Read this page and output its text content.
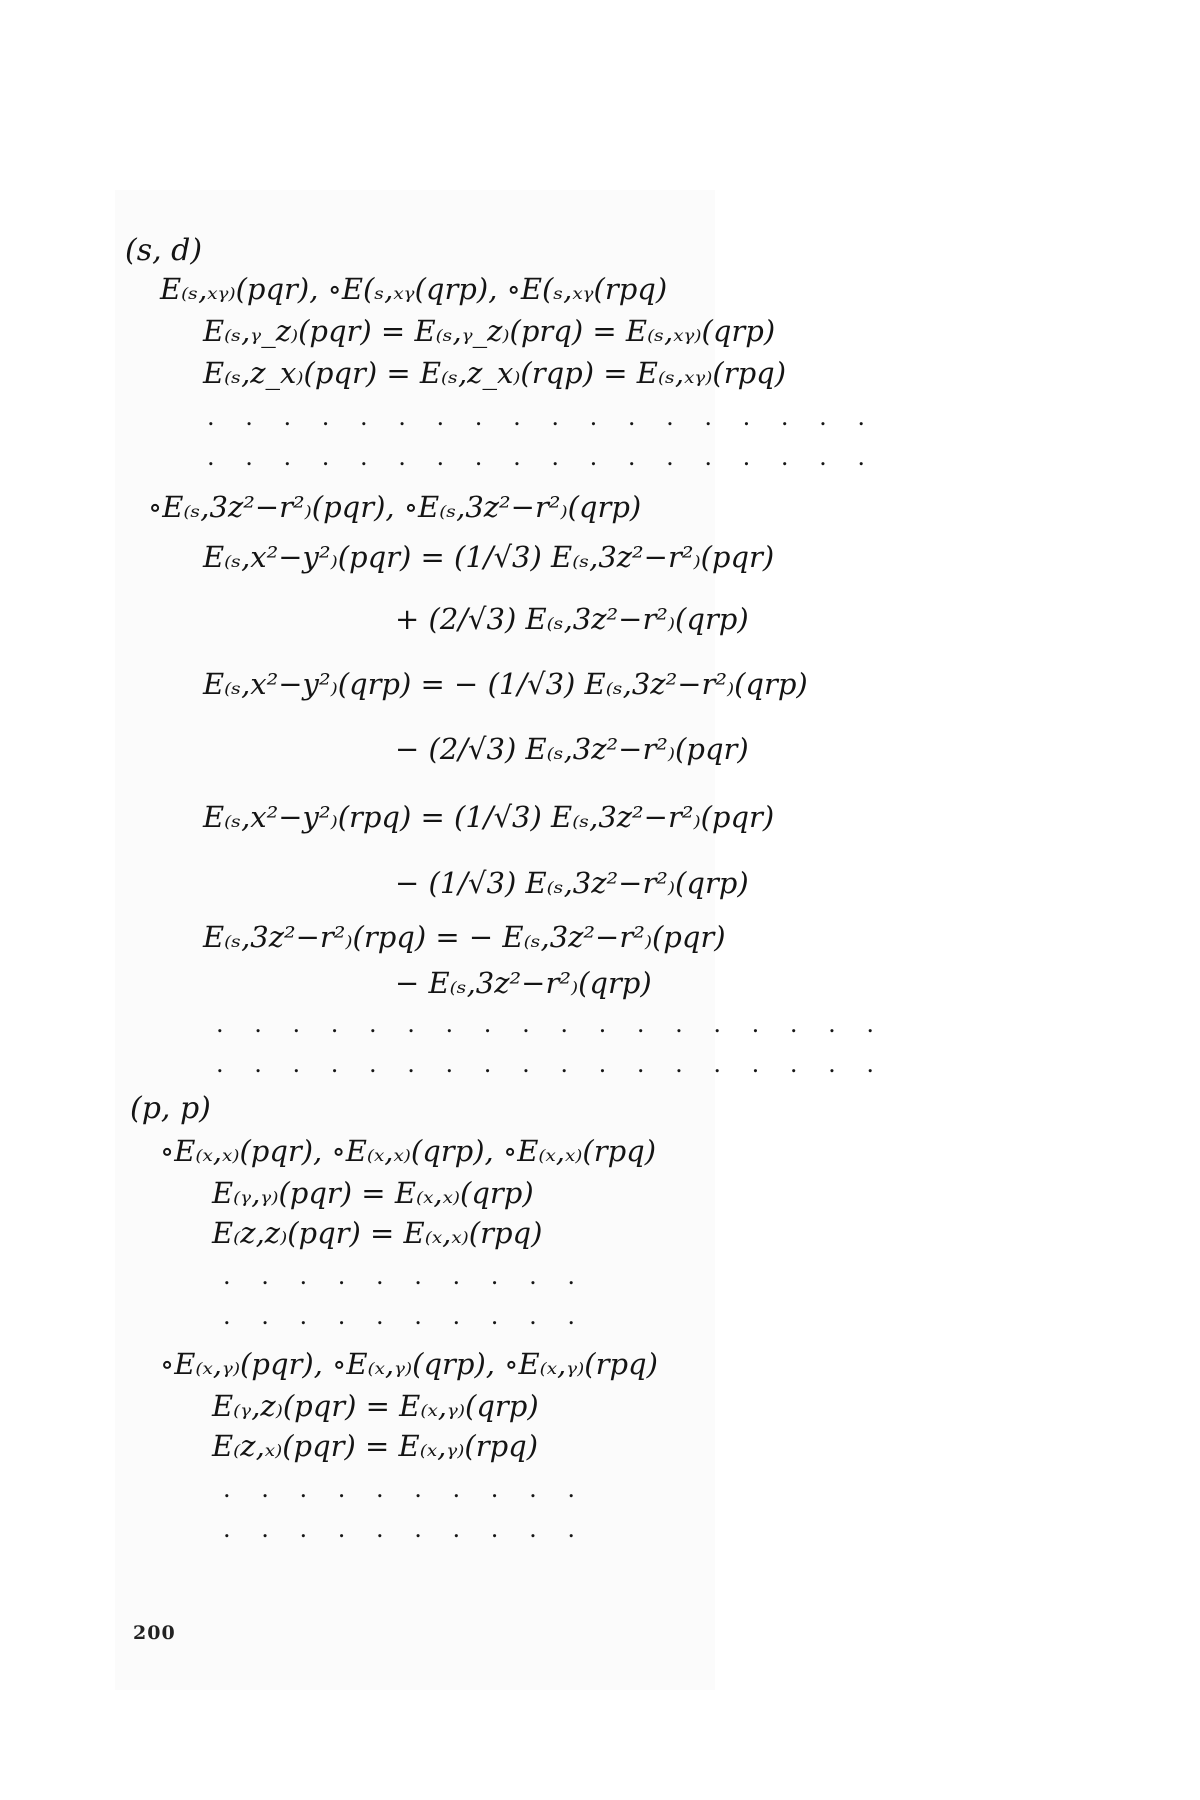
(s, d)
E₍ₛ,ₓᵧ₎(pqr), ∘E(ₛ,ₓᵧ(qrp), ∘E(ₛ,ₓᵧ(rpq)
E₍ₛ,ᵧ_z₎(pqr) = E₍ₛ,ᵧ_z₎(prq) = E₍ₛ,ₓᵧ₎(qrp)
E₍ₛ,z_x₎(pqr) = E₍ₛ,z_x₎(rqp) = E₍ₛ,ₓᵧ₎(rpq)
. . . . . . . . . . . . . . . . . .
. . . . . . . . . . . . . . . . . .
∘E₍ₛ,3z²−r²₎(pqr), ∘E₍ₛ,3z²−r²₎(qrp)
E₍ₛ,x²−y²₎(pqr) = (1/√3) E₍ₛ,3z²−r²₎(pqr)
+ (2/√3) E₍ₛ,3z²−r²₎(qrp)
E₍ₛ,x²−y²₎(qrp) = − (1/√3) E₍ₛ,3z²−r²₎(qrp)
− (2/√3) E₍ₛ,3z²−r²₎(pqr)
E₍ₛ,x²−y²₎(rpq) = (1/√3) E₍ₛ,3z²−r²₎(pqr)
− (1/√3) E₍ₛ,3z²−r²₎(qrp)
E₍ₛ,3z²−r²₎(rpq) = − E₍ₛ,3z²−r²₎(pqr)
− E₍ₛ,3z²−r²₎(qrp)
. . . . . . . . . . . . . . . . . .
. . . . . . . . . . . . . . . . . .
(p, p)
∘E₍ₓ,ₓ₎(pqr), ∘E₍ₓ,ₓ₎(qrp), ∘E₍ₓ,ₓ₎(rpq)
E₍ᵧ,ᵧ₎(pqr) = E₍ₓ,ₓ₎(qrp)
E₍z,z₎(pqr) = E₍ₓ,ₓ₎(rpq)
. . . . . . . . . .
. . . . . . . . . .
∘E₍ₓ,ᵧ₎(pqr), ∘E₍ₓ,ᵧ₎(qrp), ∘E₍ₓ,ᵧ₎(rpq)
E₍ᵧ,z₎(pqr) = E₍ₓ,ᵧ₎(qrp)
E₍z,ₓ₎(pqr) = E₍ₓ,ᵧ₎(rpq)
. . . . . . . . . .
. . . . . . . . . .
200
